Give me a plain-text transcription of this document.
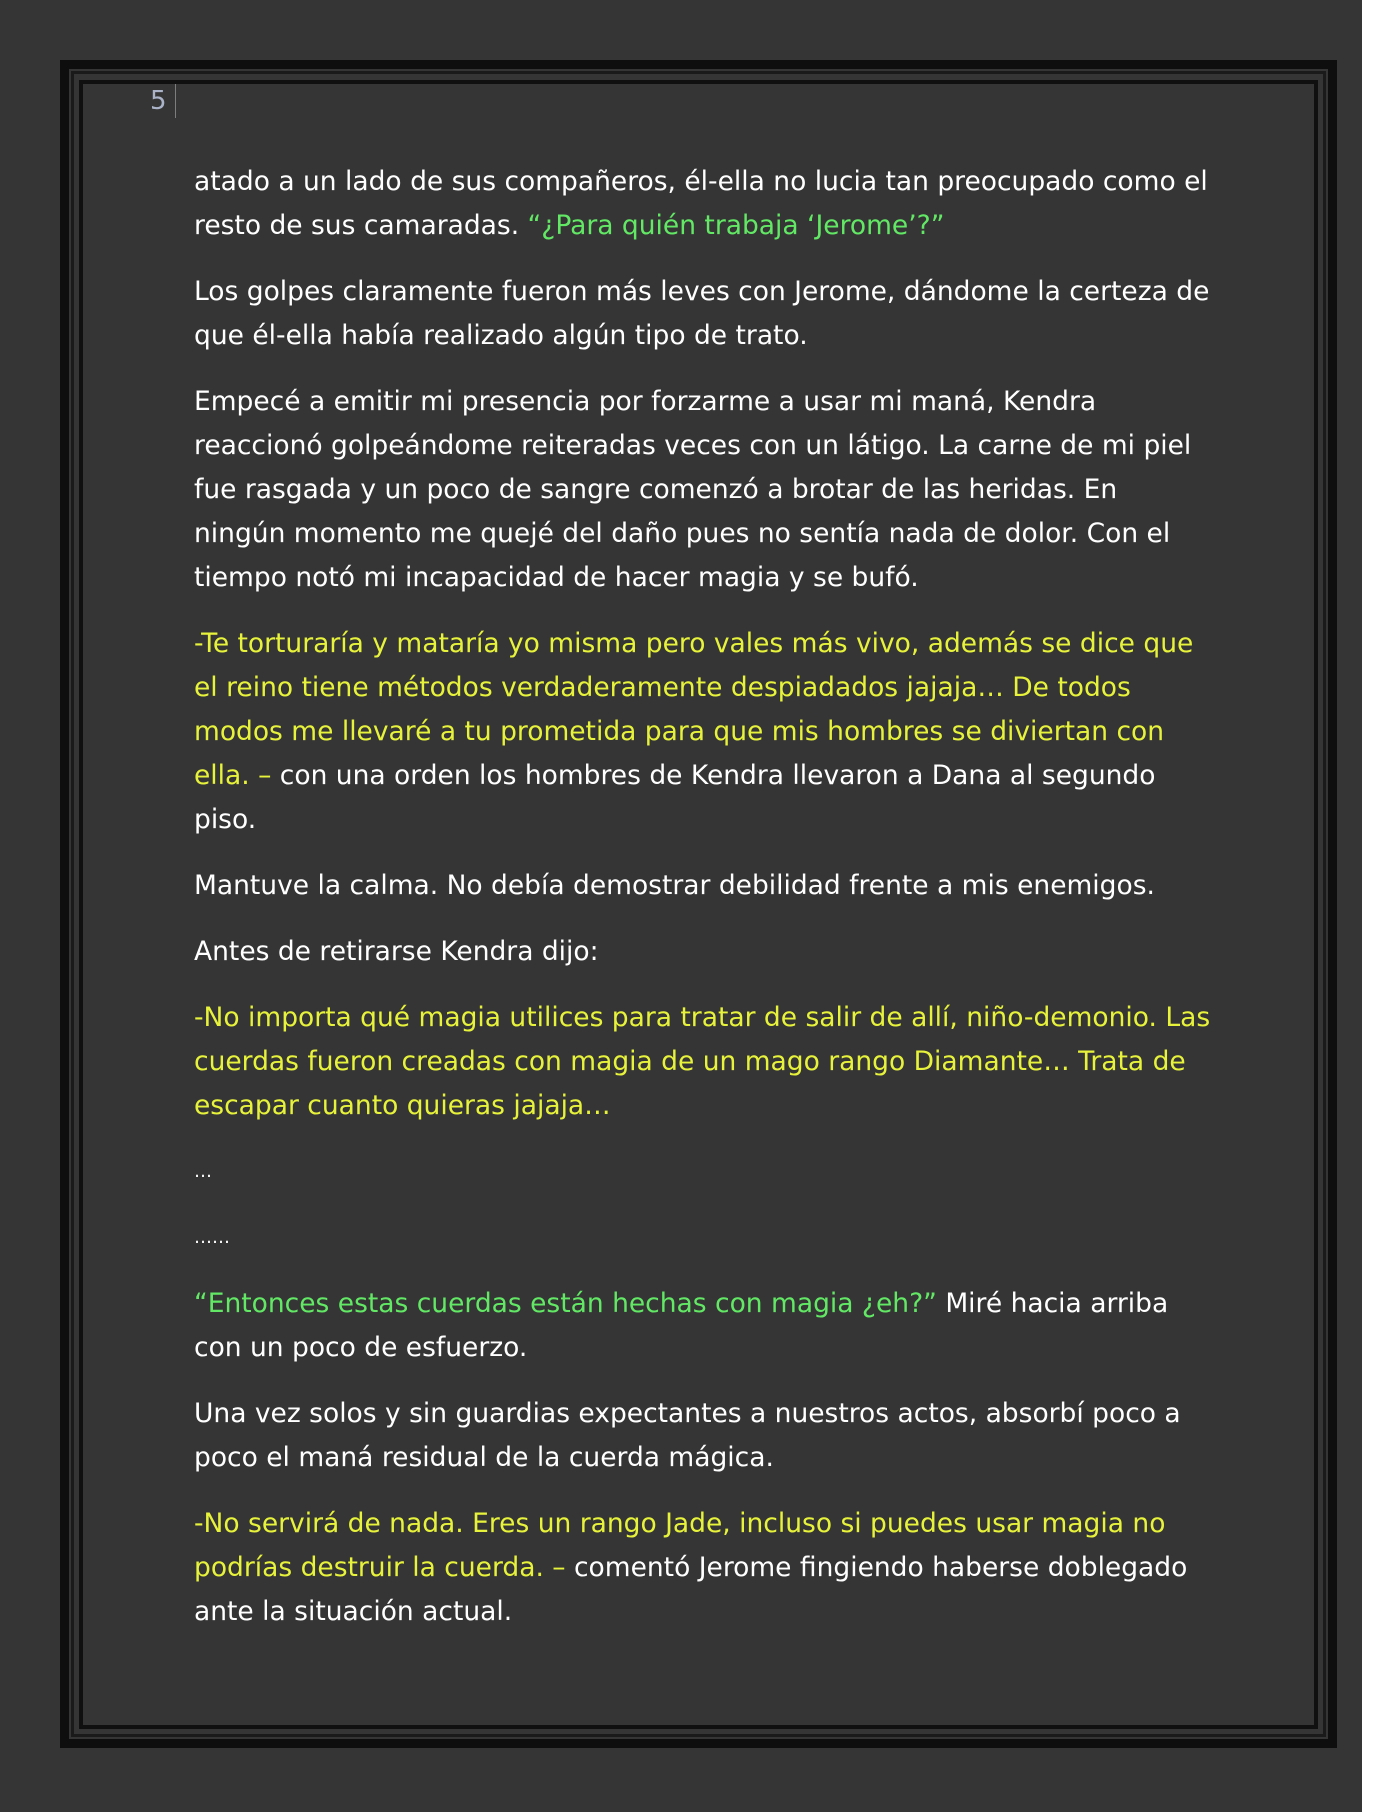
5

atado a un lado de sus compañeros, él-ella no lucia tan preocupado como el resto de sus camaradas. “¿Para quién trabaja ‘Jerome’?”

Los golpes claramente fueron más leves con Jerome, dándome la certeza de que él-ella había realizado algún tipo de trato.

Empecé a emitir mi presencia por forzarme a usar mi maná, Kendra reaccionó golpeándome reiteradas veces con un látigo. La carne de mi piel fue rasgada y un poco de sangre comenzó a brotar de las heridas. En ningún momento me quejé del daño pues no sentía nada de dolor. Con el tiempo notó mi incapacidad de hacer magia y se bufó.

-Te torturaría y mataría yo misma pero vales más vivo, además se dice que el reino tiene métodos verdaderamente despiadados jajaja… De todos modos me llevaré a tu prometida para que mis hombres se diviertan con ella. – con una orden los hombres de Kendra llevaron a Dana al segundo piso.

Mantuve la calma. No debía demostrar debilidad frente a mis enemigos.

Antes de retirarse Kendra dijo:

-No importa qué magia utilices para tratar de salir de allí, niño-demonio. Las cuerdas fueron creadas con magia de un mago rango Diamante… Trata de escapar cuanto quieras jajaja…

…

……

“Entonces estas cuerdas están hechas con magia ¿eh?” Miré hacia arriba con un poco de esfuerzo.

Una vez solos y sin guardias expectantes a nuestros actos, absorbí poco a poco el maná residual de la cuerda mágica.

-No servirá de nada. Eres un rango Jade, incluso si puedes usar magia no podrías destruir la cuerda. – comentó Jerome fingiendo haberse doblegado ante la situación actual.
